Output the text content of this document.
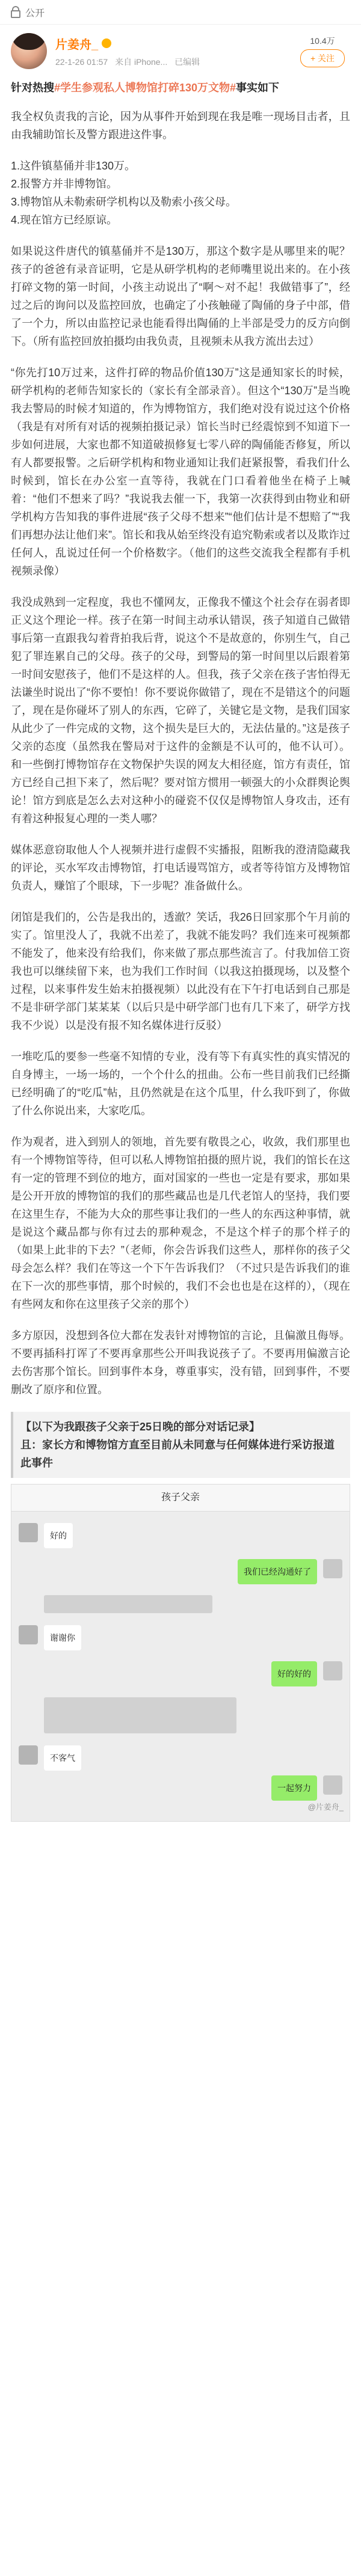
公开
片姜舟_
22-1-26 01:57 来自 iPhone... 已编辑
10.4万
+ 关注
针对热搜#学生参观私人博物馆打碎130万文物#事实如下
我全权负责我的言论，因为从事件开始到现在我是唯一现场目击者，且由我辅助馆长及警方跟进这件事。
1.这件镇墓俑并非130万。
2.报警方并非博物馆。
3.博物馆从未勒索研学机构以及勒索小孩父母。
4.现在馆方已经原谅。
如果说这件唐代的镇墓俑并不是130万，那这个数字是从哪里来的呢？孩子的爸爸有录音证明，它是从研学机构的老师嘴里说出来的。在小孩打碎文物的第一时间，小孩主动说出了“啊～对不起！我做错事了”，经过之后的询问以及监控回放，也确定了小孩触碰了陶俑的身子中部，借了一个力，所以由监控记录也能看得出陶俑的上半部是受力的反方向倒下。（所有监控回放拍摄均由我负责，且视频未从我方流出去过）
“你先打10万过来，这件打碎的物品价值130万”这是通知家长的时候，研学机构的老师告知家长的（家长有全部录音）。但这个“130万”是当晚我去警局的时候才知道的，作为博物馆方，我们绝对没有说过这个价格（我是有对所有对话的视频拍摄记录）馆长当时已经震惊到不知道下一步如何进展，大家也都不知道破损修复七零八碎的陶俑能否修复，所以有人都要报警。之后研学机构和物业通知让我们赶紧报警，看我们什么时候到，馆长在办公室一直等待，我就在门口看着他坐在椅子上喊着：“他们不想来了吗？”我说我去催一下，我第一次获得到由物业和研学机构方告知我的事件进展“孩子父母不想来”“他们估计是不想赔了”“我们再想办法让他们来”。馆长和我从始至终没有追究勒索或者以及欺诈过任何人，乱说过任何一个价格数字。（他们的这些交流我全程都有手机视频录像）
我没成熟到一定程度，我也不懂网友，正像我不懂这个社会存在弱者即正义这个理论一样。孩子在第一时间主动承认错误，孩子知道自己做错事后第一直跟我勾着背拍我后背，说这个不是故意的，你别生气，自己犯了罪连累自己的父母。孩子的父母，到警局的第一时间里以后跟着第一时间安慰孩子，他们不是这样的人。但我，孩子父亲在孩子害怕得无法谦坐时说出了“你不要怕！你不要说你做错了，现在不是错这个的问题了，现在是你碰坏了别人的东西，它碎了，关键它是文物，是我们国家从此少了一件完成的文物，这个损失是巨大的，无法估量的。”这是孩子父亲的态度（虽然我在警局对于这件的金额是不认可的，他不认可）。和一些倒打博物馆存在文物保护失误的网友大相径庭，馆方有责任，馆方已经自己担下来了，然后呢？要对馆方惯用一顿强大的小众群舆论舆论！馆方到底是怎么去对这种小的碰瓷不仅仅是博物馆人身攻击，还有有着这种报复心理的一类人哪？
媒体恶意窃取他人个人视频并进行虚假不实播报，阻断我的澄清隐藏我的评论，买水军攻击博物馆，打电话谩骂馆方，或者等待馆方及博物馆负责人，赚馆了个眼球，下一步呢？准备做什么。
闭馆是我们的，公告是我出的，透澈？笑话，我26日回家那个午月前的实了。馆里没人了，我就不出差了，我就不能发吗？我们连来可视频都不能发了，他来没有给我们，你来做了那点那些流言了。付我加倍工资我也可以继续留下来，也为我们工作时间（以我这拍摄现场，以及整个过程，以来事件发生始末拍摄视频）以此没有在下午打电话到自己那是不是非研学部门某某某（以后只是中研学部门也有几下来了，研学方找我不少说）以是没有报不知名媒体进行反驳）
一堆吃瓜的要参一些毫不知情的专业，没有等下有真实性的真实情况的自身博主，一场一场的，一个个什么的扭曲。公布一些目前我们已经撕已经明确了的“吃瓜”帖，且仍然就是在这个瓜里，什么我吓到了，你做了什么你说出来，大家吃瓜。
作为观者，进入到别人的领地，首先要有敬畏之心，收敛，我们那里也有一个博物馆等待，但可以私人博物馆拍摄的照片说，我们的馆长在这有一定的管理不到位的地方，面对国家的一些也一定是有要求，那如果是公开开放的博物馆的我们的那些藏品也是几代老馆人的坚持，我们要在这里生存，不能为大众的那些事让我们的一些人的东西这种事情，就是说这个藏品都与你有过去的那种观念，不是这个样子的那个样子的（如果上此非的下去？”（老师，你会告诉我们这些人，那样你的孩子父母会怎么样？我们在等这一个下午告诉我们？（不过只是告诉我们的谁在下一次的那些事情，那个时候的，我们不会也也是在这样的），（现在有些网友和你在这里孩子父亲的那个）
多方原因，没想到各位大都在发表针对博物馆的言论，且偏激且侮辱。不要再插科打诨了不要再拿那些公开叫我说孩子了。不要再用偏激言论去伤害那个馆长。回到事件本身，尊重事实，没有错，回到事件，不要删改了原序和位置。
【以下为我跟孩子父亲于25日晚的部分对话记录】
且：家长方和博物馆方直至目前从未同意与任何媒体进行采访报道此事件
孩子父亲
好的
我们已经沟通好了
谢谢你
好的好的
不客气
一起努力
@片姜舟_
